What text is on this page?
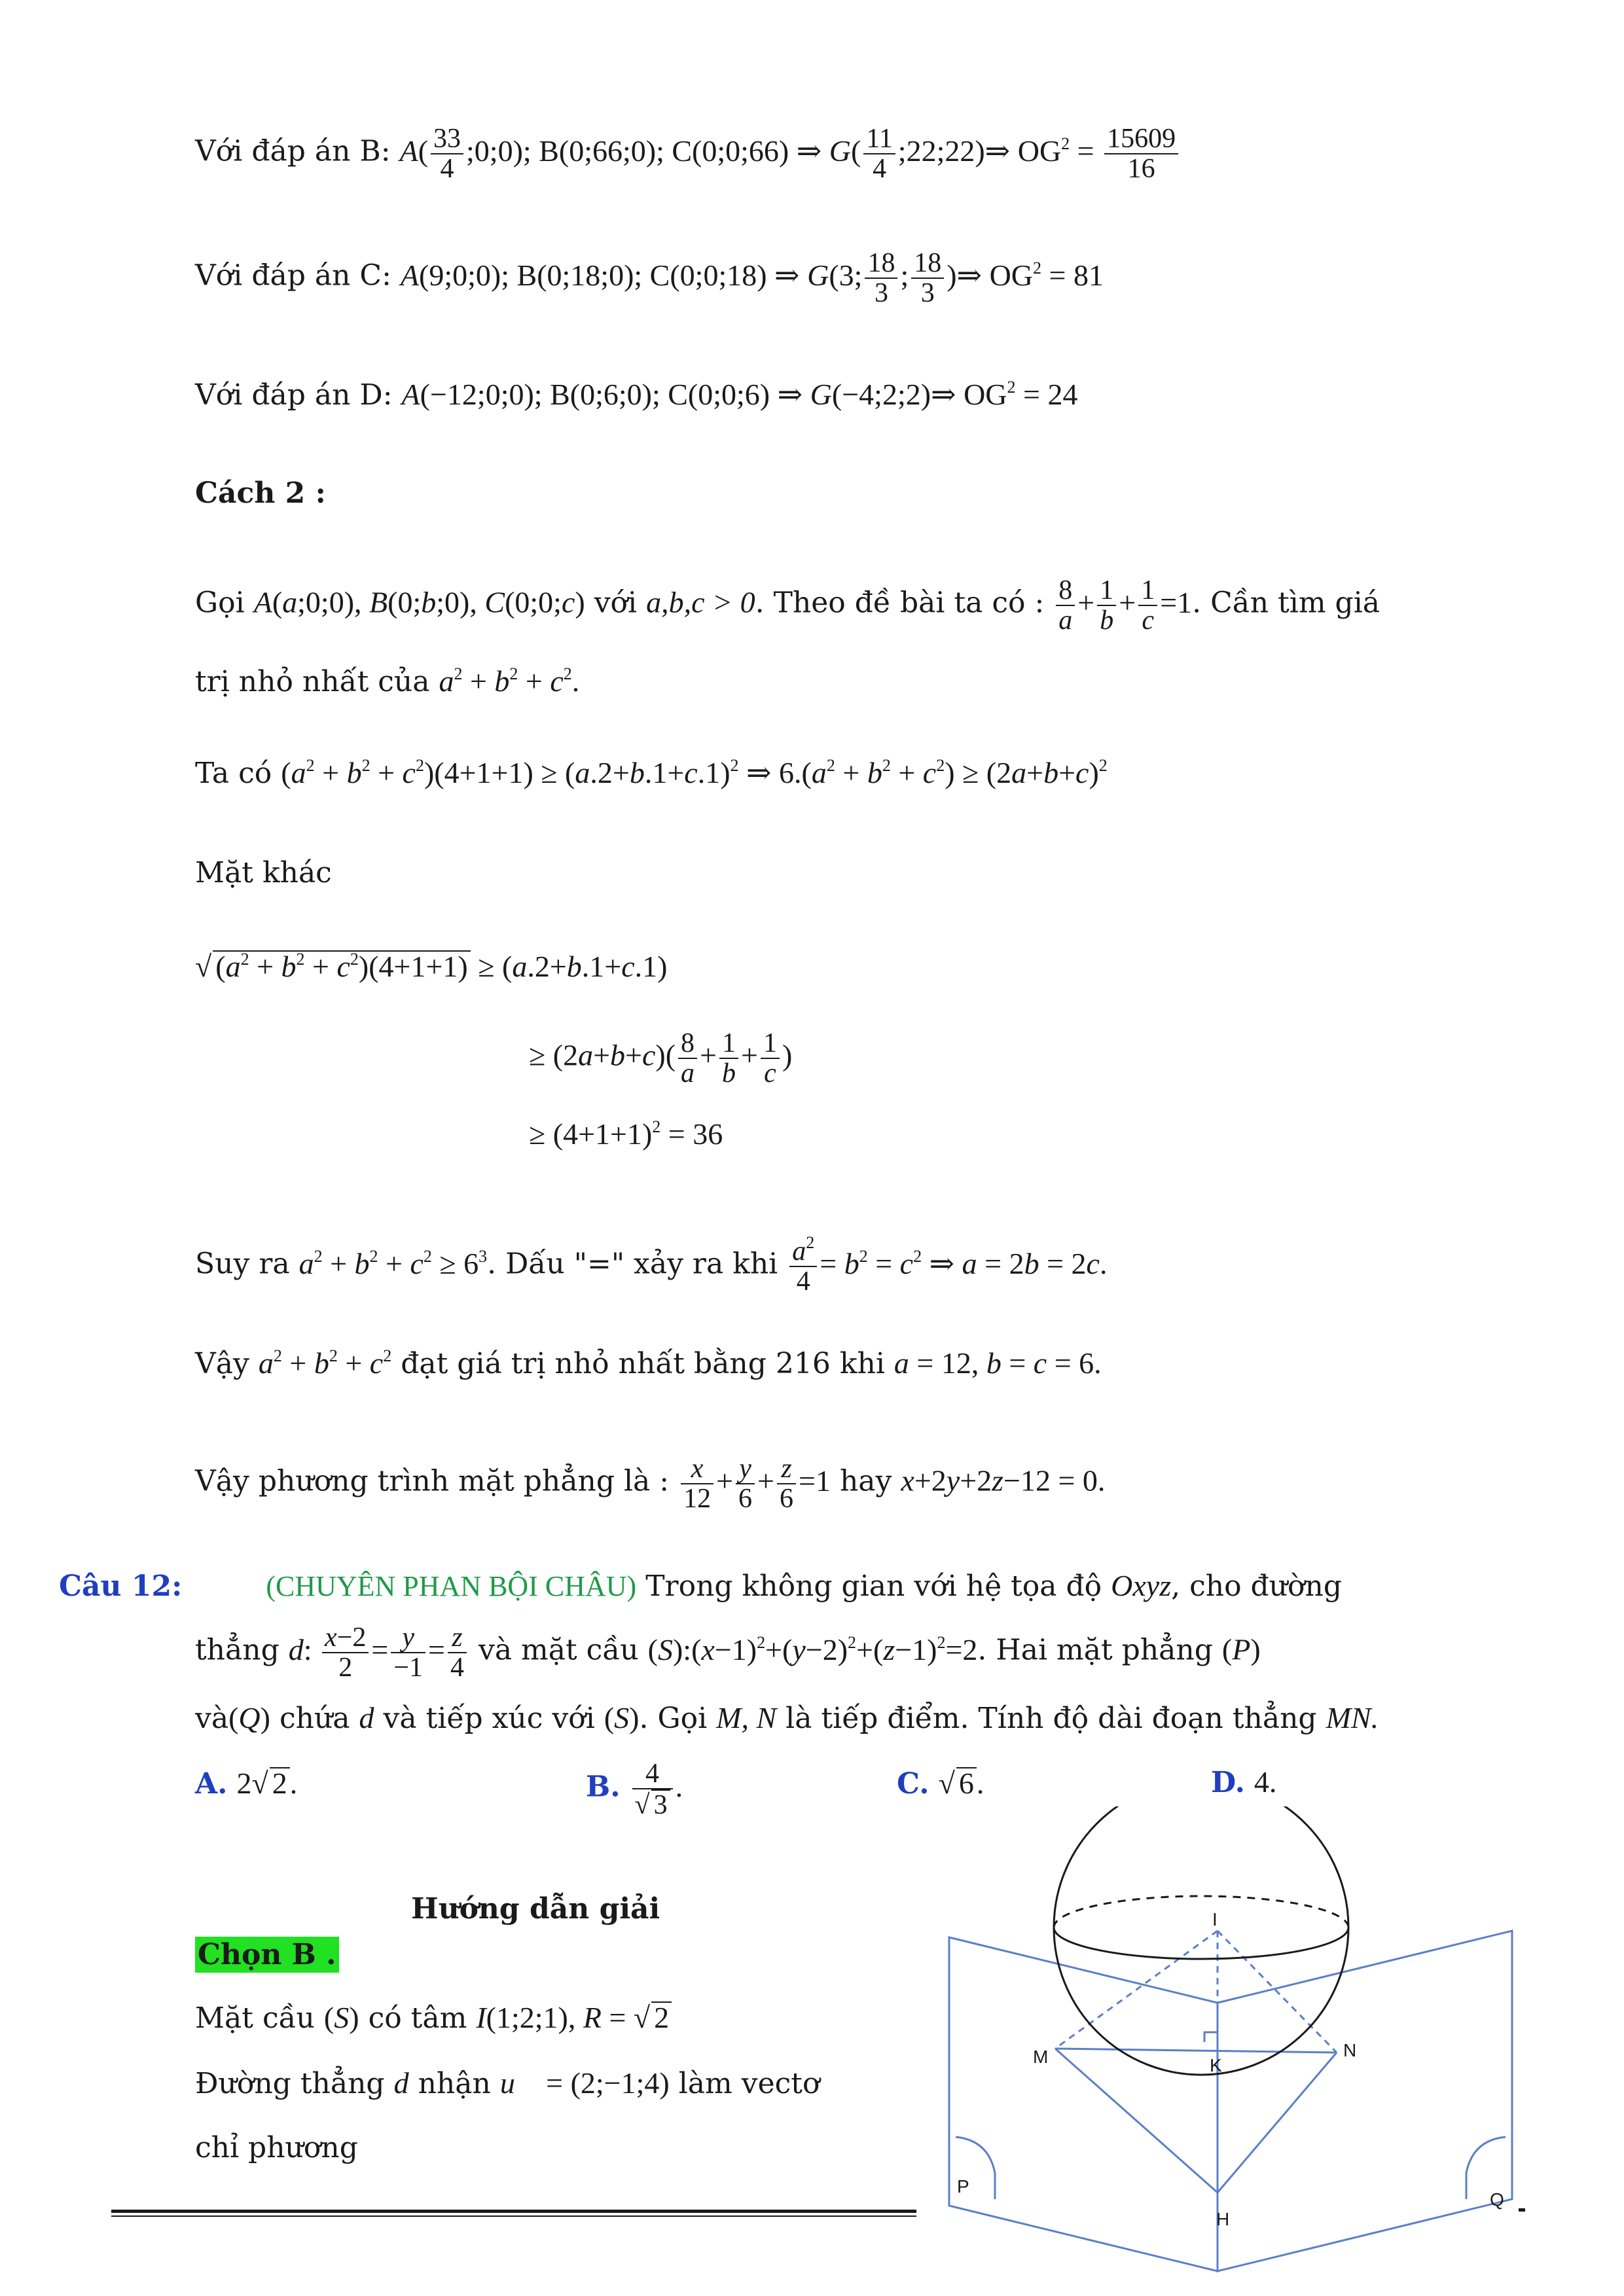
Với đáp án B: $A( \frac{33}{4}$ ;0;0); B(0;66;0); C(0;0;66) ⇒ $G( \frac{11}{4}$ ;22;22)⇒ $OG^2 = \frac{15609}{16}$
Với đáp án C: A(9;0;0); B(0;18;0); C(0;0;18) ⇒ G(3; $\frac{18}{3}$ ; $\frac{18}{3}$ )⇒ $OG^2 = 81$
Với đáp án D: A(−12;0;0); B(0;6;0); C(0;0;6) ⇒ G(−4;2;2)⇒ $OG^2 = 24$
Cách 2 :
Gọi A(a;0;0), B(0;b;0), C(0;0;c) với a,b,c > 0. Theo đề bài ta có : $\frac{8}{a} + \frac{1}{b} + \frac{1}{c} =1$. Cần tìm giá
trị nhỏ nhất của $a^2 + b^2 + c^2$.
Ta có $(a^2 + b^2 + c^2)(4+1+1) \ge (a.2+b.1+c.1)^2$ ⇒ $6.(a^2 + b^2 + c^2) \ge (2a+b+c)^2$
Mặt khác
√ $(a^2 + b^2 + c^2)(4+1+1) \ge (a.2+b.1+c.1)$
≥ $(2a+b+c)( \frac{8}{a} + \frac{1}{b} + \frac{1}{c}$ )
≥ $(4+1+1)^2 = 36$
Suy ra $a^2 + b^2 + c^2 \ge 6^3$. Dấu "=" xảy ra khi $\frac{a^2}{4} = b^2 = c^2$ ⇒ a = 2b = 2c.
Vậy $a^2 + b^2 + c^2$ đạt giá trị nhỏ nhất bằng 216 khi a = 12, b = c = 6.
Vậy phương trình mặt phẳng là : $\frac{x}{12} + \frac{y}{6} + \frac{z}{6} =1$ hay x+2y+2z−12 = 0.
Câu 12:	(CHUYÊN PHAN BỘI CHÂU) Trong không gian với hệ tọa độ Oxyz, cho đường
thẳng d: $\frac{x-2}{2} = \frac{y}{-1} = \frac{z}{4}$ và mặt cầu $(S):(x-1)^2+(y-2)^2+(z-1)^2=2$. Hai mặt phẳng (P)
và(Q) chứa d và tiếp xúc với (S). Gọi M, N là tiếp điểm. Tính độ dài đoạn thẳng MN.
A. 2√ 2.	B. $\frac{4}{√ 3}$ .	C. √ 6.	D. 4.
Hướng dẫn giải
Chọn B .
Mặt cầu (S) có tâm I(1;2;1), R = √ 2
Đường thẳng d nhận u⃗ = (2;−1;4) làm vectơ
chỉ phương
I
M	K
N
H
P
Q
